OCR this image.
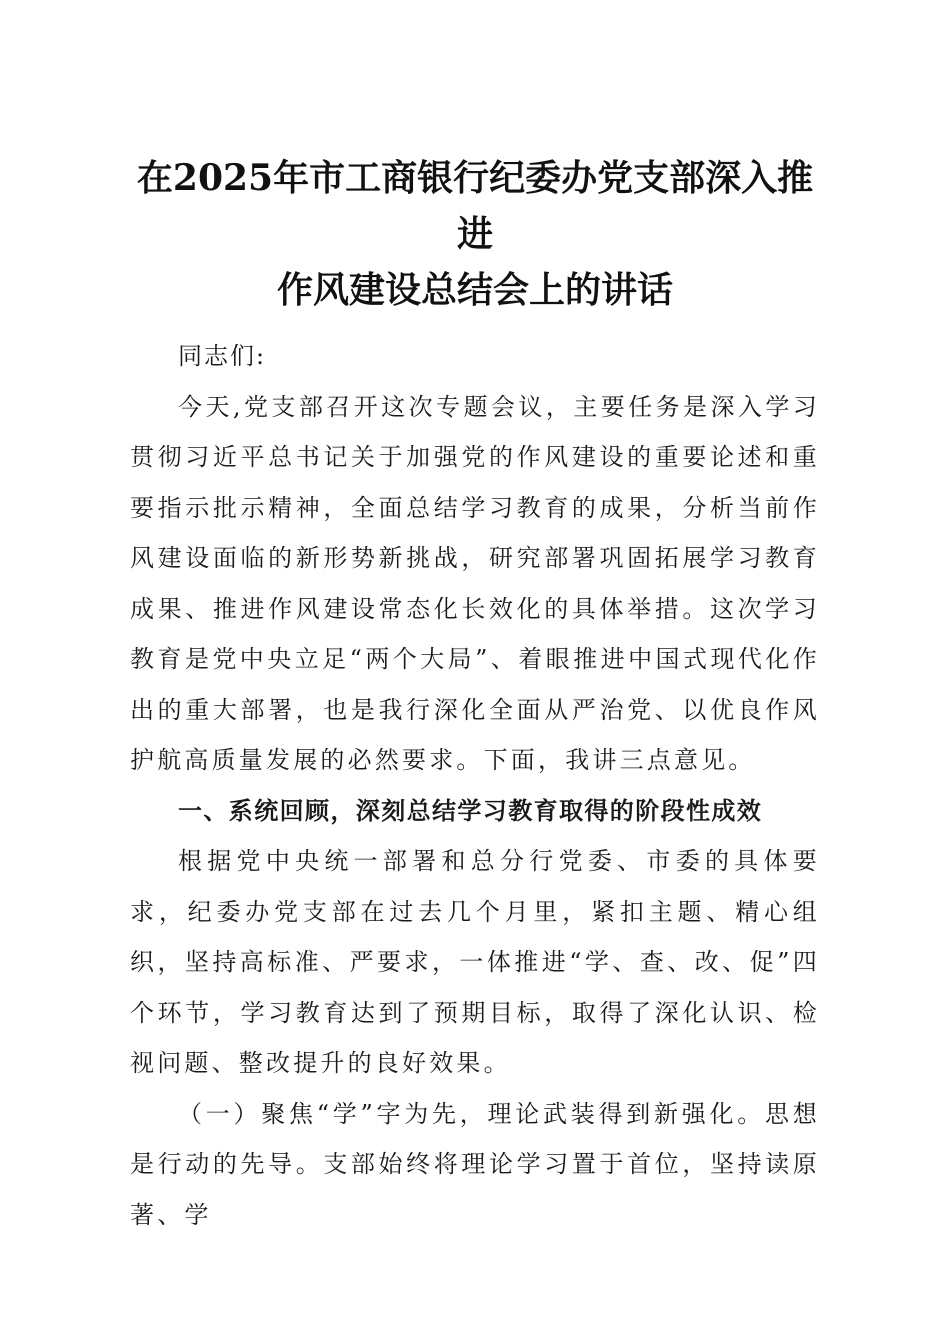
在2025年市工商银行纪委办党支部深入推进
作风建设总结会上的讲话

同志们:

今天,党支部召开这次专题会议，主要任务是深入学习贯彻习近平总书记关于加强党的作风建设的重要论述和重要指示批示精神，全面总结学习教育的成果，分析当前作风建设面临的新形势新挑战，研究部署巩固拓展学习教育成果、推进作风建设常态化长效化的具体举措。这次学习教育是党中央立足“两个大局”、着眼推进中国式现代化作出的重大部署，也是我行深化全面从严治党、以优良作风护航高质量发展的必然要求。下面，我讲三点意见。

一、系统回顾，深刻总结学习教育取得的阶段性成效

根据党中央统一部署和总分行党委、市委的具体要求，纪委办党支部在过去几个月里，紧扣主题、精心组织，坚持高标准、严要求，一体推进“学、查、改、促”四个环节，学习教育达到了预期目标，取得了深化认识、检视问题、整改提升的良好效果。

（一）聚焦“学”字为先，理论武装得到新强化。思想是行动的先导。支部始终将理论学习置于首位，坚持读原著、学
